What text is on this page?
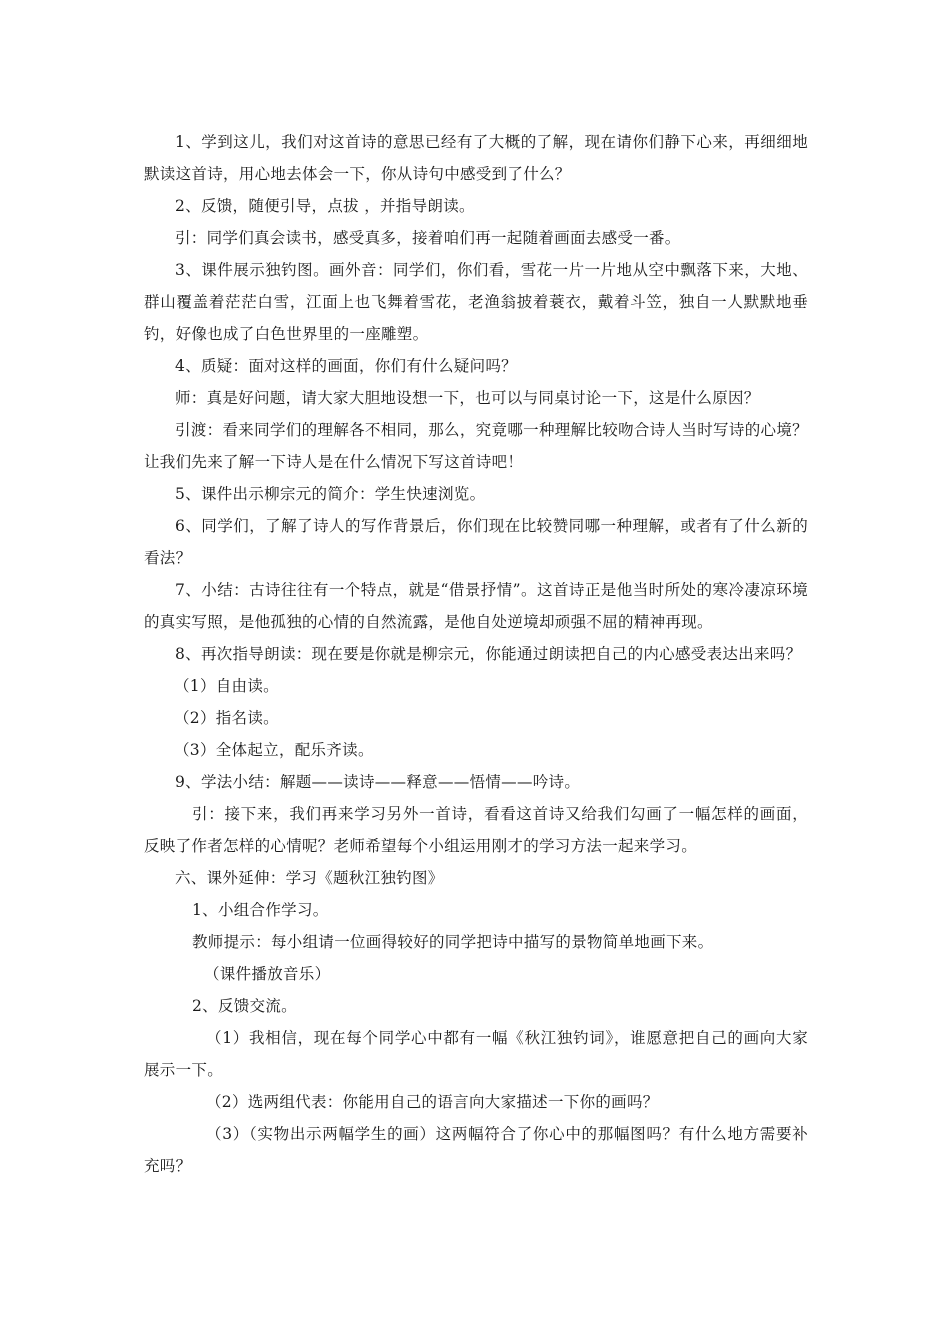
1、学到这儿，我们对这首诗的意思已经有了大概的了解，现在请你们静下心来，再细细地默读这首诗，用心地去体会一下，你从诗句中感受到了什么？

2、反馈，随便引导，点拔 ，并指导朗读。

引：同学们真会读书，感受真多，接着咱们再一起随着画面去感受一番。

3、课件展示独钓图。画外音：同学们，你们看，雪花一片一片地从空中飘落下来，大地、群山覆盖着茫茫白雪，江面上也飞舞着雪花，老渔翁披着蓑衣，戴着斗笠，独自一人默默地垂钓，好像也成了白色世界里的一座雕塑。

4、质疑：面对这样的画面，你们有什么疑问吗？

师：真是好问题，请大家大胆地设想一下，也可以与同桌讨论一下，这是什么原因？

引渡：看来同学们的理解各不相同，那么，究竟哪一种理解比较吻合诗人当时写诗的心境？让我们先来了解一下诗人是在什么情况下写这首诗吧！

5、课件出示柳宗元的简介：学生快速浏览。

6、同学们，了解了诗人的写作背景后，你们现在比较赞同哪一种理解，或者有了什么新的看法？

7、小结：古诗往往有一个特点，就是“借景抒情”。这首诗正是他当时所处的寒冷凄凉环境的真实写照，是他孤独的心情的自然流露，是他自处逆境却顽强不屈的精神再现。

8、再次指导朗读：现在要是你就是柳宗元，你能通过朗读把自己的内心感受表达出来吗？

（1）自由读。

（2）指名读。

（3）全体起立，配乐齐读。

9、学法小结：解题——读诗——释意——悟情——吟诗。

引：接下来，我们再来学习另外一首诗，看看这首诗又给我们勾画了一幅怎样的画面，反映了作者怎样的心情呢？老师希望每个小组运用刚才的学习方法一起来学习。

六、课外延伸：学习《题秋江独钓图》

1、小组合作学习。

教师提示：每小组请一位画得较好的同学把诗中描写的景物简单地画下来。

（课件播放音乐）

2、反馈交流。

（1）我相信，现在每个同学心中都有一幅《秋江独钓词》，谁愿意把自己的画向大家展示一下。

（2）选两组代表：你能用自己的语言向大家描述一下你的画吗？

（3）（实物出示两幅学生的画）这两幅符合了你心中的那幅图吗？有什么地方需要补充吗？
